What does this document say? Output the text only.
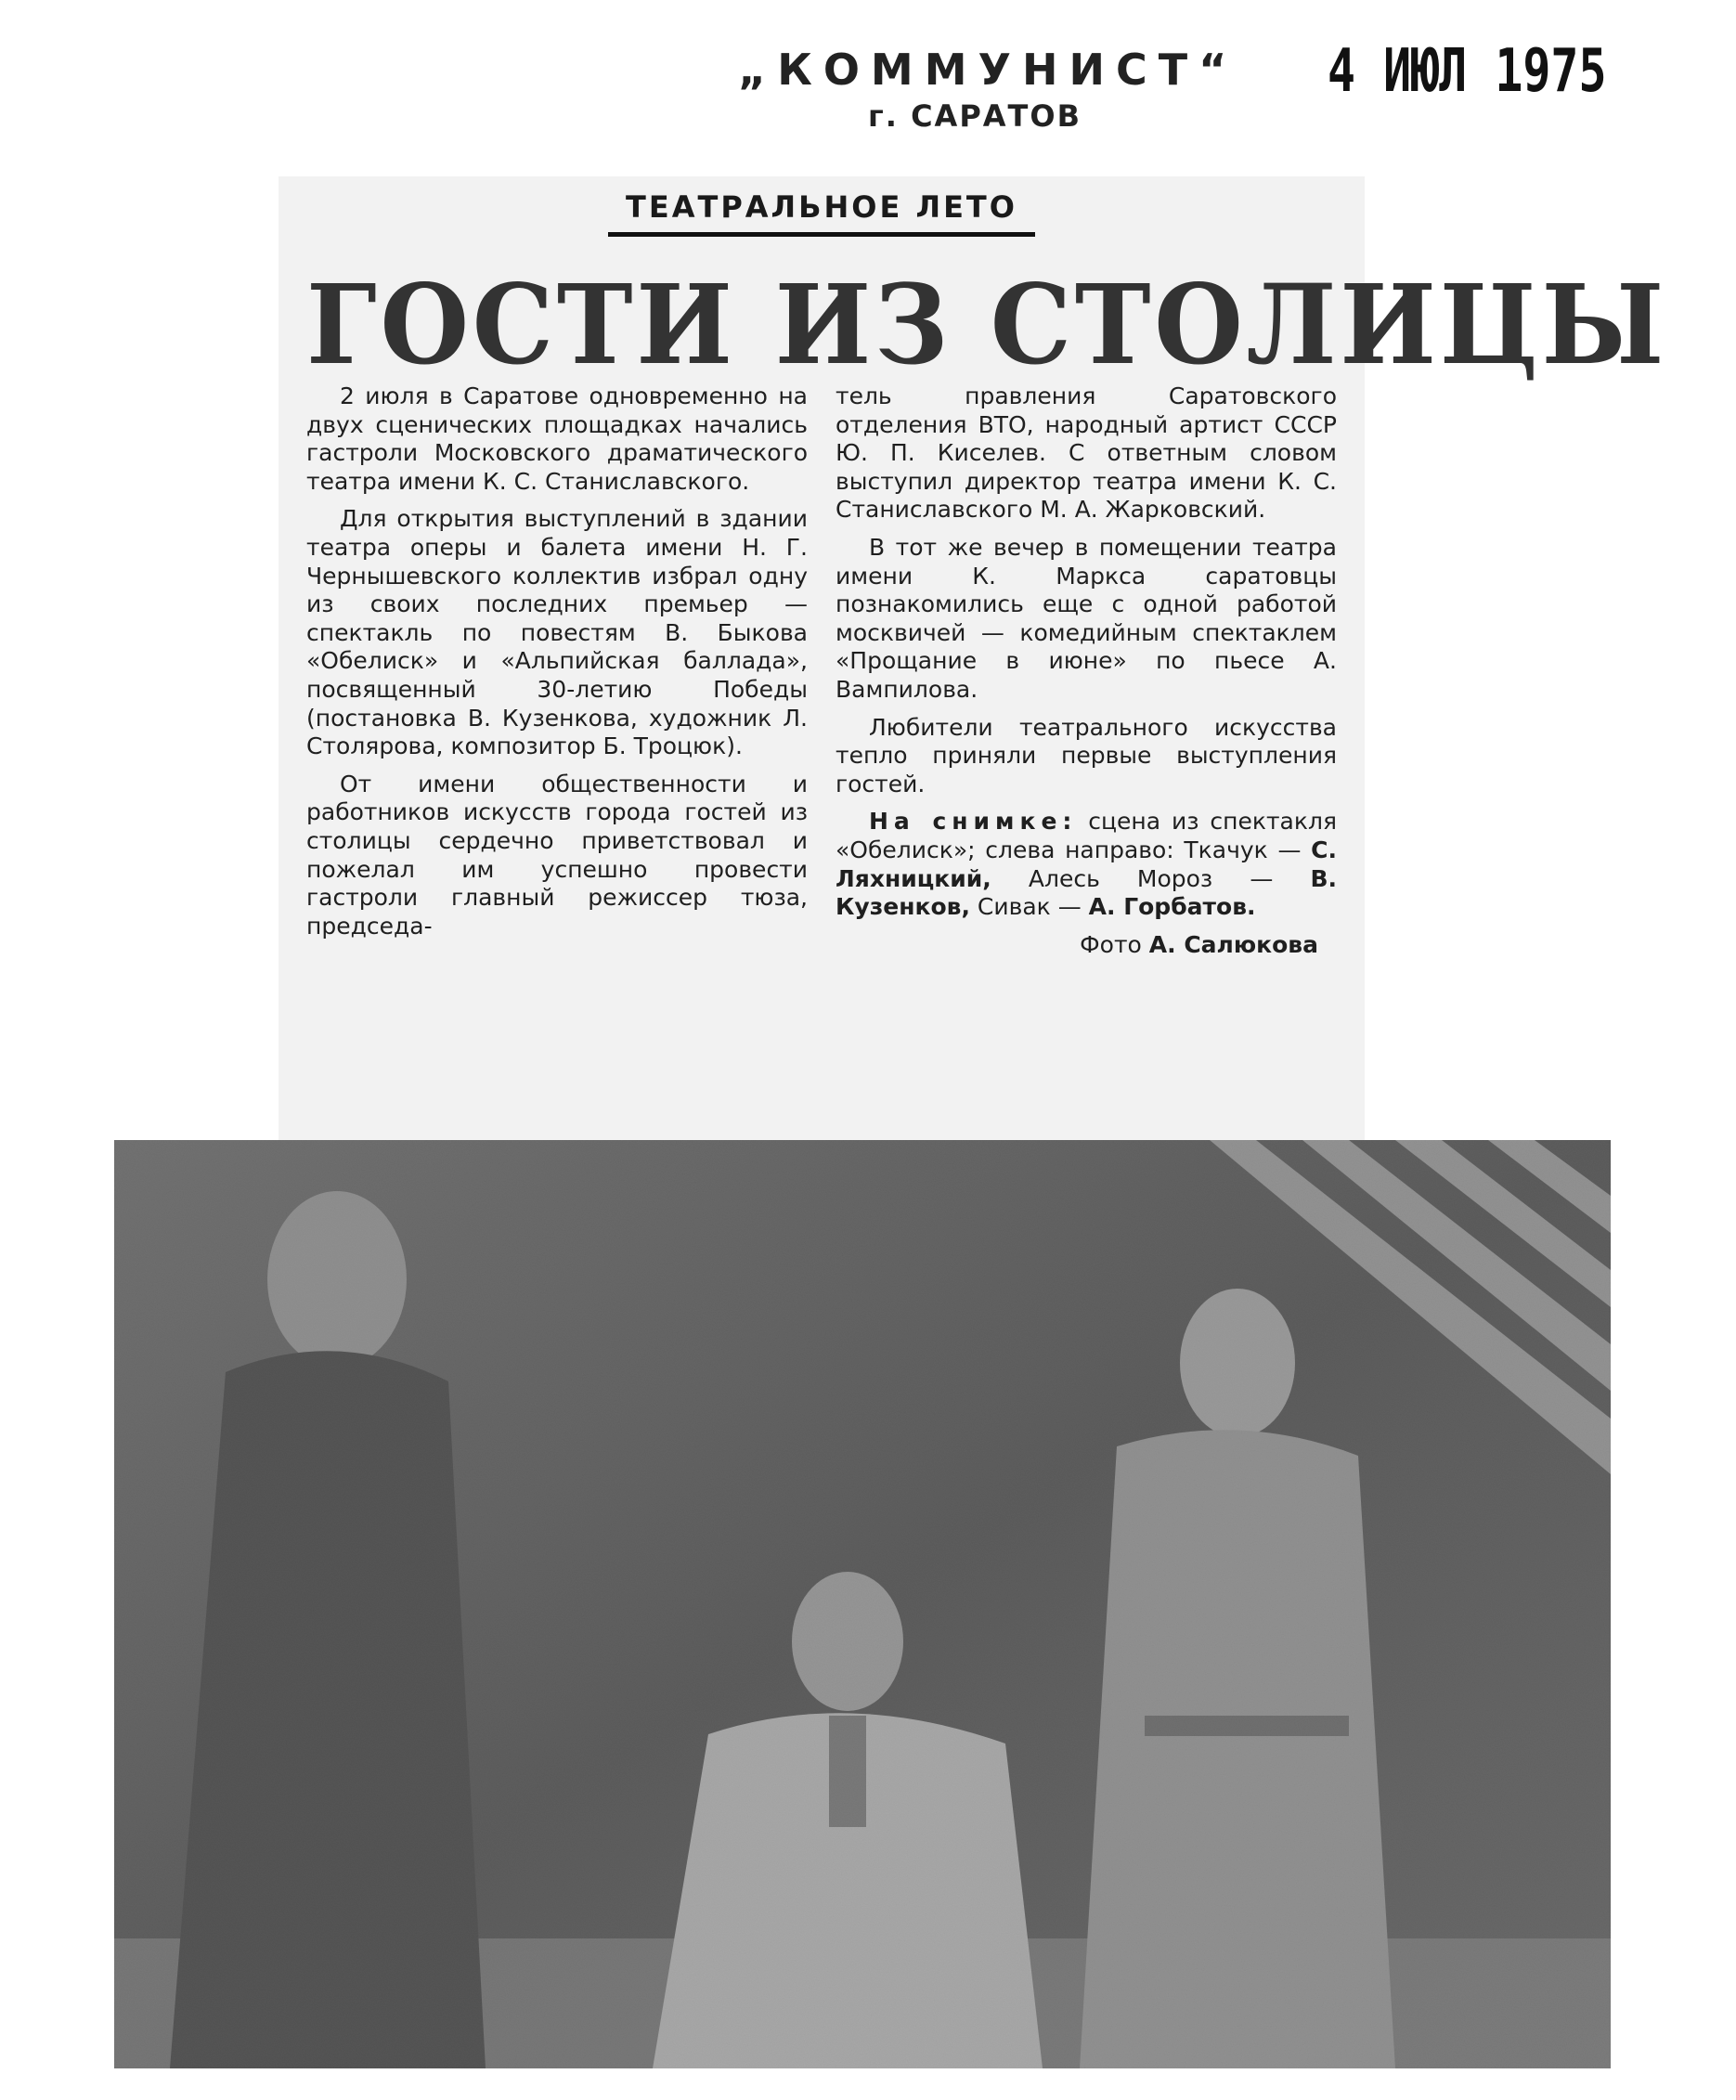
„КОММУНИСТ“
г. САРАТОВ
4 ИЮЛ 1975
ТЕАТРАЛЬНОЕ ЛЕТО
ГОСТИ ИЗ СТОЛИЦЫ

2 июля в Саратове одновременно на двух сценических площадках начались гастроли Московского драматического театра имени К. С. Станиславского.

Для открытия выступлений в здании театра оперы и балета имени Н. Г. Чернышевского коллектив избрал одну из своих последних премьер — спектакль по повестям В. Быкова «Обелиск» и «Альпийская баллада», посвященный 30-летию Победы (постановка В. Кузенкова, художник Л. Столярова, композитор Б. Троцюк).

От имени общественности и работников искусств города гостей из столицы сердечно приветствовал и пожелал им успешно провести гастроли главный режиссер тюза, председа-

тель правления Саратовского отделения ВТО, народный артист СССР Ю. П. Киселев. С ответным словом выступил директор театра имени К. С. Станиславского М. А. Жарковский.

В тот же вечер в помещении театра имени К. Маркса саратовцы познакомились еще с одной работой москвичей — комедийным спектаклем «Прощание в июне» по пьесе А. Вампилова.

Любители театрального искусства тепло приняли первые выступления гостей.

На снимке: сцена из спектакля «Обелиск»; слева направо: Ткачук — С. Ляхницкий, Алесь Мороз — В. Кузенков, Сивак — А. Горбатов.

Фото А. Салюкова
